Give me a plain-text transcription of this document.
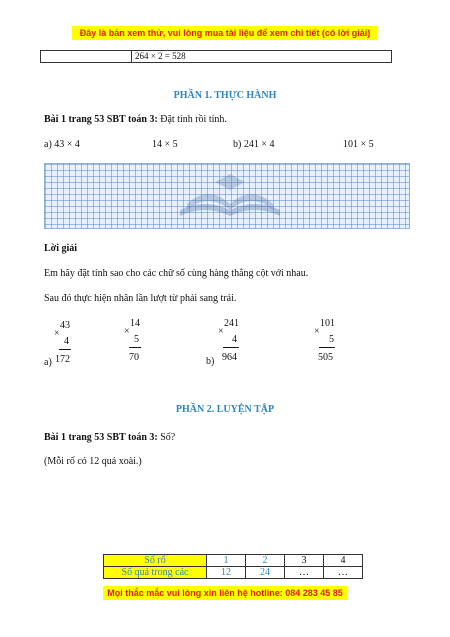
Đây là bản xem thử, vui lòng mua tài liệu để xem chi tiết (có lời giải)
264 × 2 = 528
PHẦN 1. THỰC HÀNH
Bài 1 trang 53 SBT toán 3: Đặt tính rồi tính.
a) 43 × 4	14 × 5	b) 241 × 4	101 × 5
Lời giải
Em hãy đặt tính sao cho các chữ số cùng hàng thẳng cột với nhau.
Sau đó thực hiện nhân lần lượt từ phải sang trái.
43
×
4
172
a)
14
×
5
70
241
×
4
964
b)
101
×
5
505
PHẦN 2. LUYỆN TẬP
Bài 1 trang 53 SBT toán 3: Số?
(Mỗi rổ có 12 quả xoài.)
Số rổ	1	2	3	4
Số quả trong các	12	24	…	…
Mọi thắc mắc vui lòng xin liên hệ hotline: 084 283 45 85
